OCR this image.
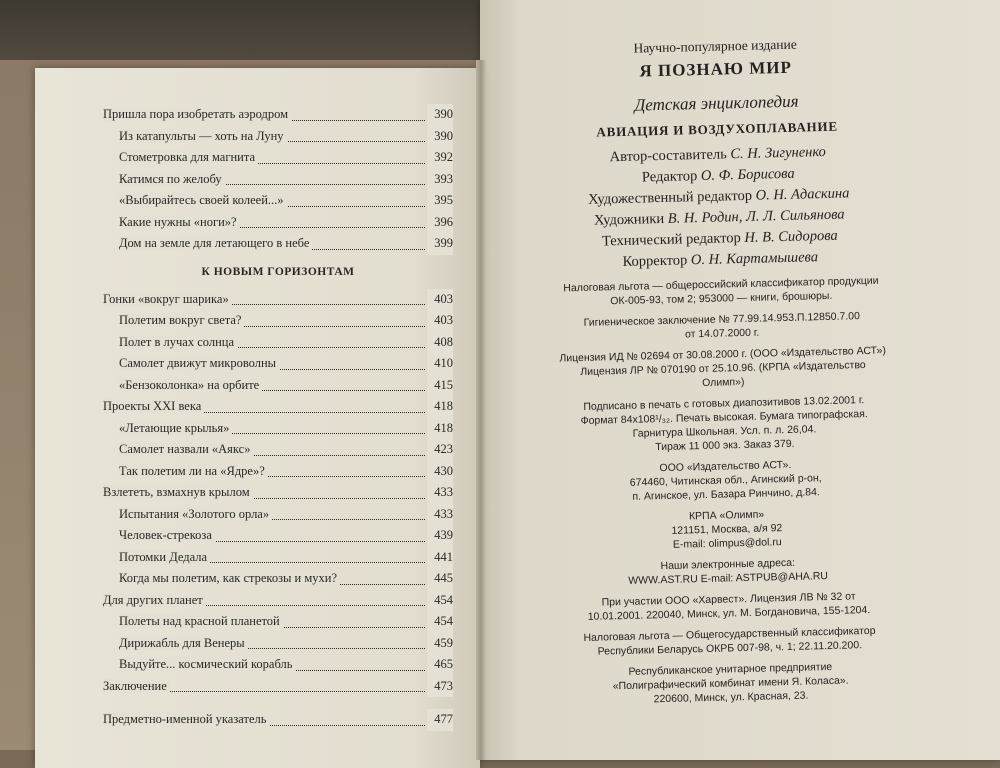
Пришла пора изобретать аэродром	390
Из катапульты — хоть на Луну	390
Стометровка для магнита	392
Катимся по желобу	393
«Выбирайтесь своей колеей...»	395
Какие нужны «ноги»?	396
Дом на земле для летающего в небе	399
К НОВЫМ ГОРИЗОНТАМ
Гонки «вокруг шарика»	403
Полетим вокруг света?	403
Полет в лучах солнца	408
Самолет движут микроволны	410
«Бензоколонка» на орбите	415
Проекты XXI века	418
«Летающие крылья»	418
Самолет назвали «Аякс»	423
Так полетим ли на «Ядре»?	430
Взлететь, взмахнув крылом	433
Испытания «Золотого орла»	433
Человек-стрекоза	439
Потомки Дедала	441
Когда мы полетим, как стрекозы и мухи?	445
Для других планет	454
Полеты над красной планетой	454
Дирижабль для Венеры	459
Выдуйте... космический корабль	465
Заключение	473
Предметно-именной указатель	477
Научно-популярное издание
Я ПОЗНАЮ МИР
Детская энциклопедия
АВИАЦИЯ И ВОЗДУХОПЛАВАНИЕ
Автор-составитель С. Н. Зигуненко
Редактор О. Ф. Борисова
Художественный редактор О. Н. Адаскина
Художники В. Н. Родин, Л. Л. Сильянова
Технический редактор Н. В. Сидорова
Корректор О. Н. Картамышева
Налоговая льгота — общероссийский классификатор продукции
ОК-005-93, том 2; 953000 — книги, брошюры.
Гигиеническое заключение № 77.99.14.953.П.12850.7.00
от 14.07.2000 г.
Лицензия ИД № 02694 от 30.08.2000 г. (ООО «Издательство АСТ»)
Лицензия ЛР № 070190 от 25.10.96. (КРПА «Издательство
Олимп»)
Подписано в печать с готовых диапозитивов 13.02.2001 г.
Формат 84х108¹/₃₂. Печать высокая. Бумага типографская.
Гарнитура Школьная. Усл. п. л. 26,04.
Тираж 11 000 экз. Заказ 379.
ООО «Издательство АСТ».
674460, Читинская обл., Агинский р-он,
п. Агинское, ул. Базара Ринчино, д.84.
КРПА «Олимп»
121151, Москва, а/я 92
E-mail: olimpus@dol.ru
Наши электронные адреса:
WWW.AST.RU E-mail: ASTPUB@AHA.RU
При участии ООО «Харвест». Лицензия ЛВ № 32 от
10.01.2001. 220040, Минск, ул. М. Богдановича, 155-1204.
Налоговая льгота — Общегосударственный классификатор
Республики Беларусь ОКРБ 007-98, ч. 1; 22.11.20.200.
Республиканское унитарное предприятие
«Полиграфический комбинат имени Я. Коласа».
220600, Минск, ул. Красная, 23.
